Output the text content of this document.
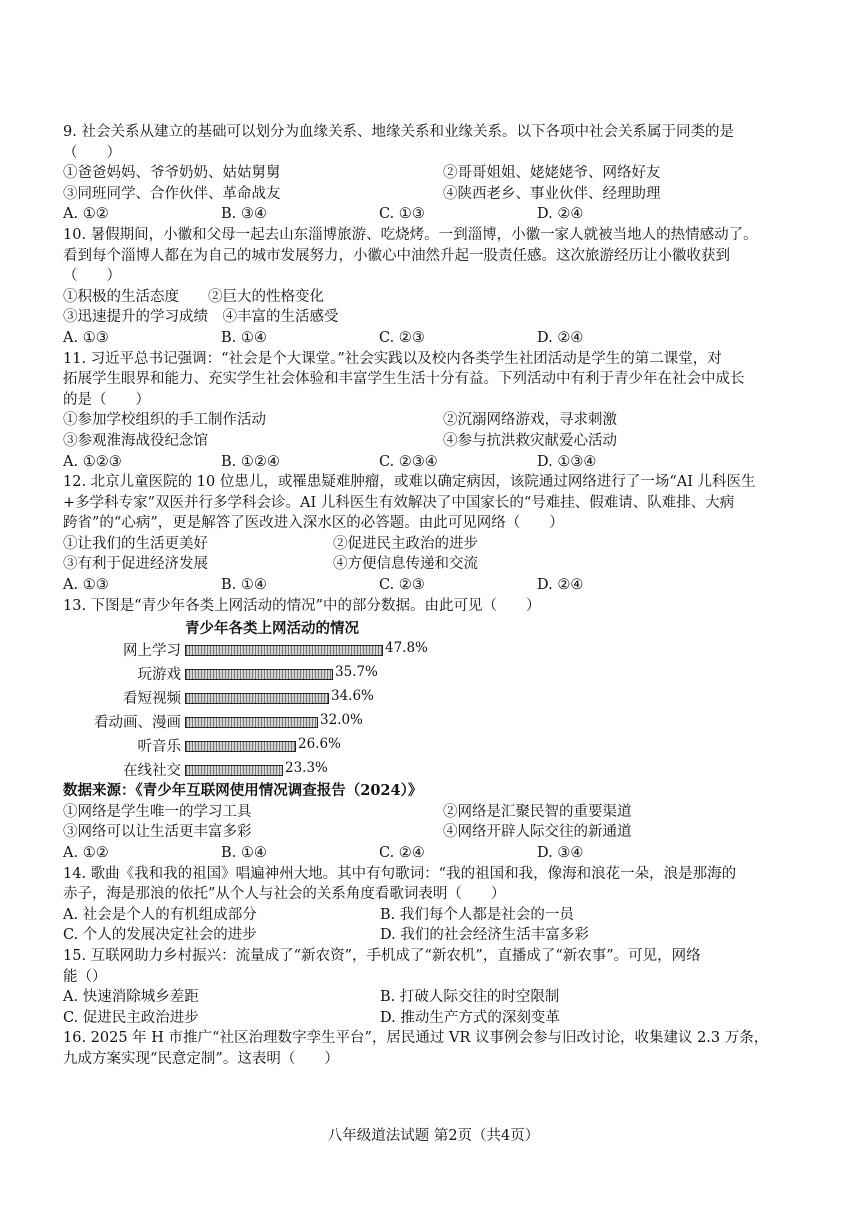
9. 社会关系从建立的基础可以划分为血缘关系、地缘关系和业缘关系。以下各项中社会关系属于同类的是
（　　）
①爸爸妈妈、爷爷奶奶、姑姑舅舅	②哥哥姐姐、姥姥姥爷、网络好友
③同班同学、合作伙伴、革命战友	④陕西老乡、事业伙伴、经理助理
A. ①②	B. ③④	C. ①③	D. ②④
10. 暑假期间，小徽和父母一起去山东淄博旅游、吃烧烤。一到淄博，小徽一家人就被当地人的热情感动了。
看到每个淄博人都在为自己的城市发展努力，小徽心中油然升起一股责任感。这次旅游经历让小徽收获到
（　　）
①积极的生活态度　　②巨大的性格变化
③迅速提升的学习成绩　④丰富的生活感受
A. ①③	B. ①④	C. ②③	D. ②④
11. 习近平总书记强调：“社会是个大课堂。”社会实践以及校内各类学生社团活动是学生的第二课堂，对
拓展学生眼界和能力、充实学生社会体验和丰富学生生活十分有益。下列活动中有利于青少年在社会中成长
的是（　　）
①参加学校组织的手工制作活动	②沉溺网络游戏，寻求刺激
③参观淮海战役纪念馆	④参与抗洪救灾献爱心活动
A. ①②③	B. ①②④	C. ②③④	D. ①③④
12. 北京儿童医院的 10 位患儿，或罹患疑难肿瘤，或难以确定病因，该院通过网络进行了一场“AI 儿科医生
+多学科专家”双医并行多学科会诊。AI 儿科医生有效解决了中国家长的“号难挂、假难请、队难排、大病
跨省”的“心病”，更是解答了医改进入深水区的必答题。由此可见网络（　　）
①让我们的生活更美好	②促进民主政治的进步
③有利于促进经济发展	④方便信息传递和交流
A. ①③	B. ①④	C. ②③	D. ②④
13. 下图是“青少年各类上网活动的情况”中的部分数据。由此可见（　　）
青少年各类上网活动的情况
网上学习	47.8%
玩游戏	35.7%
看短视频	34.6%
看动画、漫画	32.0%
听音乐	26.6%
在线社交	23.3%
数据来源：《青少年互联网使用情况调查报告（2024）》
①网络是学生唯一的学习工具	②网络是汇聚民智的重要渠道
③网络可以让生活更丰富多彩	④网络开辟人际交往的新通道
A. ①②	B. ①④	C. ②④	D. ③④
14. 歌曲《我和我的祖国》唱遍神州大地。其中有句歌词：“我的祖国和我，像海和浪花一朵，浪是那海的
赤子，海是那浪的依托”从个人与社会的关系角度看歌词表明（　　）
A. 社会是个人的有机组成部分	B. 我们每个人都是社会的一员
C. 个人的发展决定社会的进步	D. 我们的社会经济生活丰富多彩
15. 互联网助力乡村振兴：流量成了“新农资”，手机成了“新农机”，直播成了“新农事”。可见，网络
能（）
A. 快速消除城乡差距	B. 打破人际交往的时空限制
C. 促进民主政治进步	D. 推动生产方式的深刻变革
16. 2025 年 H 市推广“社区治理数字孪生平台”，居民通过 VR 议事例会参与旧改讨论，收集建议 2.3 万条，
九成方案实现“民意定制”。这表明（　　）
八年级道法试题 第2页（共4页）
